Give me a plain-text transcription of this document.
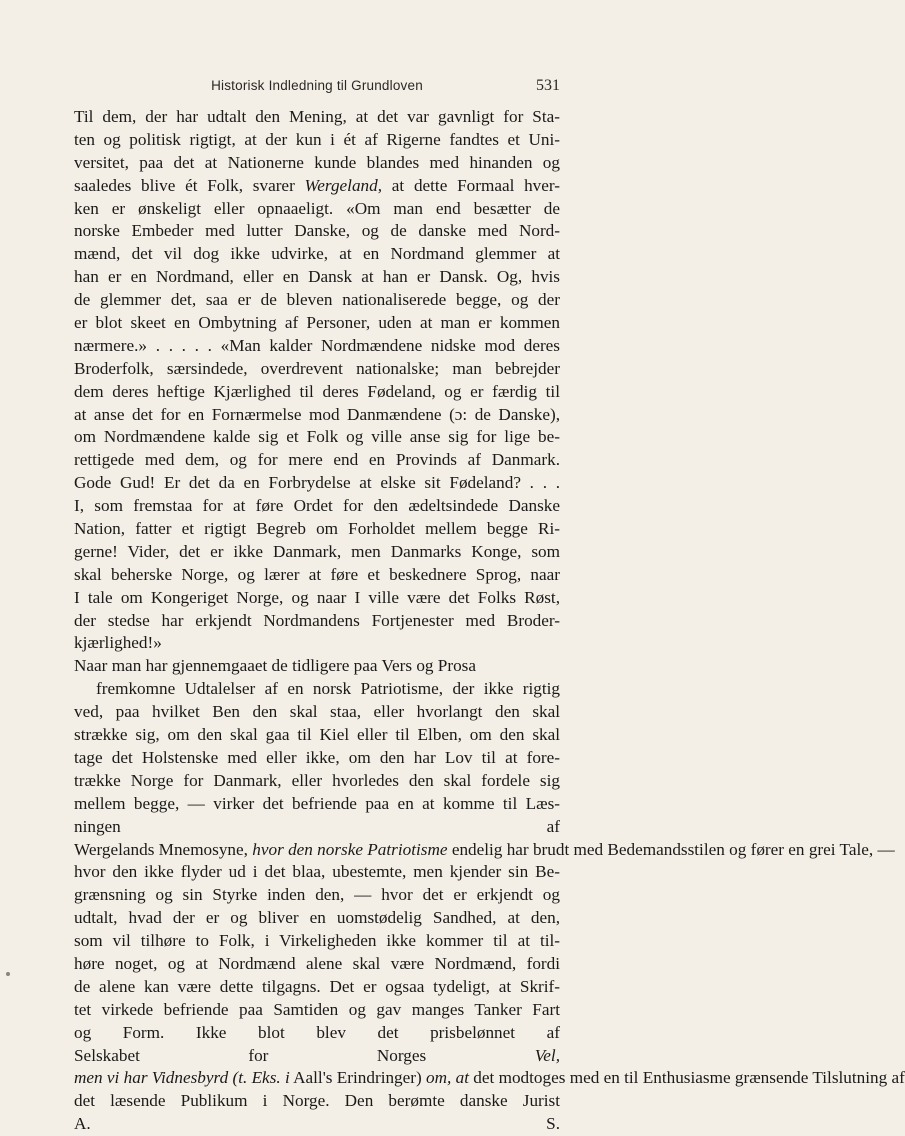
Historisk Indledning til Grundloven	531
Til dem, der har udtalt den Mening, at det var gavnligt for Sta-
ten og politisk rigtigt, at der kun i ét af Rigerne fandtes et Uni-
versitet, paa det at Nationerne kunde blandes med hinanden og
saaledes blive ét Folk, svarer Wergeland, at dette Formaal hver-
ken er ønskeligt eller opnaaeligt. «Om man end besætter de
norske Embeder med lutter Danske, og de danske med Nord-
mænd, det vil dog ikke udvirke, at en Nordmand glemmer at
han er en Nordmand, eller en Dansk at han er Dansk. Og, hvis
de glemmer det, saa er de bleven nationaliserede begge, og der
er blot skeet en Ombytning af Personer, uden at man er kommen
nærmere.» . . . . . «Man kalder Nordmændene nidske mod deres
Broderfolk, særsindede, overdrevent nationalske; man bebrejder
dem deres heftige Kjærlighed til deres Fødeland, og er færdig til
at anse det for en Fornærmelse mod Danmændene (ɔ: de Danske),
om Nordmændene kalde sig et Folk og ville anse sig for lige be-
rettigede med dem, og for mere end en Provinds af Danmark.
Gode Gud! Er det da en Forbrydelse at elske sit Fødeland? . . .
I, som fremstaa for at føre Ordet for den ædeltsindede Danske
Nation, fatter et rigtigt Begreb om Forholdet mellem begge Ri-
gerne! Vider, det er ikke Danmark, men Danmarks Konge, som
skal beherske Norge, og lærer at føre et beskednere Sprog, naar
I tale om Kongeriget Norge, og naar I ville være det Folks Røst,
der stedse har erkjendt Nordmandens Fortjenester med Broder-
kjærlighed!»
Naar man har gjennemgaaet de tidligere paa Vers og Prosa
fremkomne Udtalelser af en norsk Patriotisme, der ikke rigtig
ved, paa hvilket Ben den skal staa, eller hvorlangt den skal
strække sig, om den skal gaa til Kiel eller til Elben, om den skal
tage det Holstenske med eller ikke, om den har Lov til at fore-
trække Norge for Danmark, eller hvorledes den skal fordele sig
mellem begge, — virker det befriende paa en at komme til Læs-
ningen af
Wergelands Mnemosyne, hvor den norske Patriotisme endelig har brudt med Bedemandsstilen og fører en grei Tale, —
hvor den ikke flyder ud i det blaa, ubestemte, men kjender sin Be-
grænsning og sin Styrke inden den, — hvor det er erkjendt og
udtalt, hvad der er og bliver en uomstødelig Sandhed, at den,
som vil tilhøre to Folk, i Virkeligheden ikke kommer til at til-
høre noget, og at Nordmænd alene skal være Nordmænd, fordi
de alene kan være dette tilgagns. Det er ogsaa tydeligt, at Skrif-
tet virkede befriende paa Samtiden og gav manges Tanker Fart
og Form. Ikke blot blev det prisbelønnet af
Selskabet for Norges	Vel,
men vi har Vidnesbyrd (t. Eks. i Aall's Erindringer) om, at det modtoges med en til Enthusiasme grænsende Tilslutning af
det læsende Publikum i Norge. Den berømte danske Jurist
A. S.
